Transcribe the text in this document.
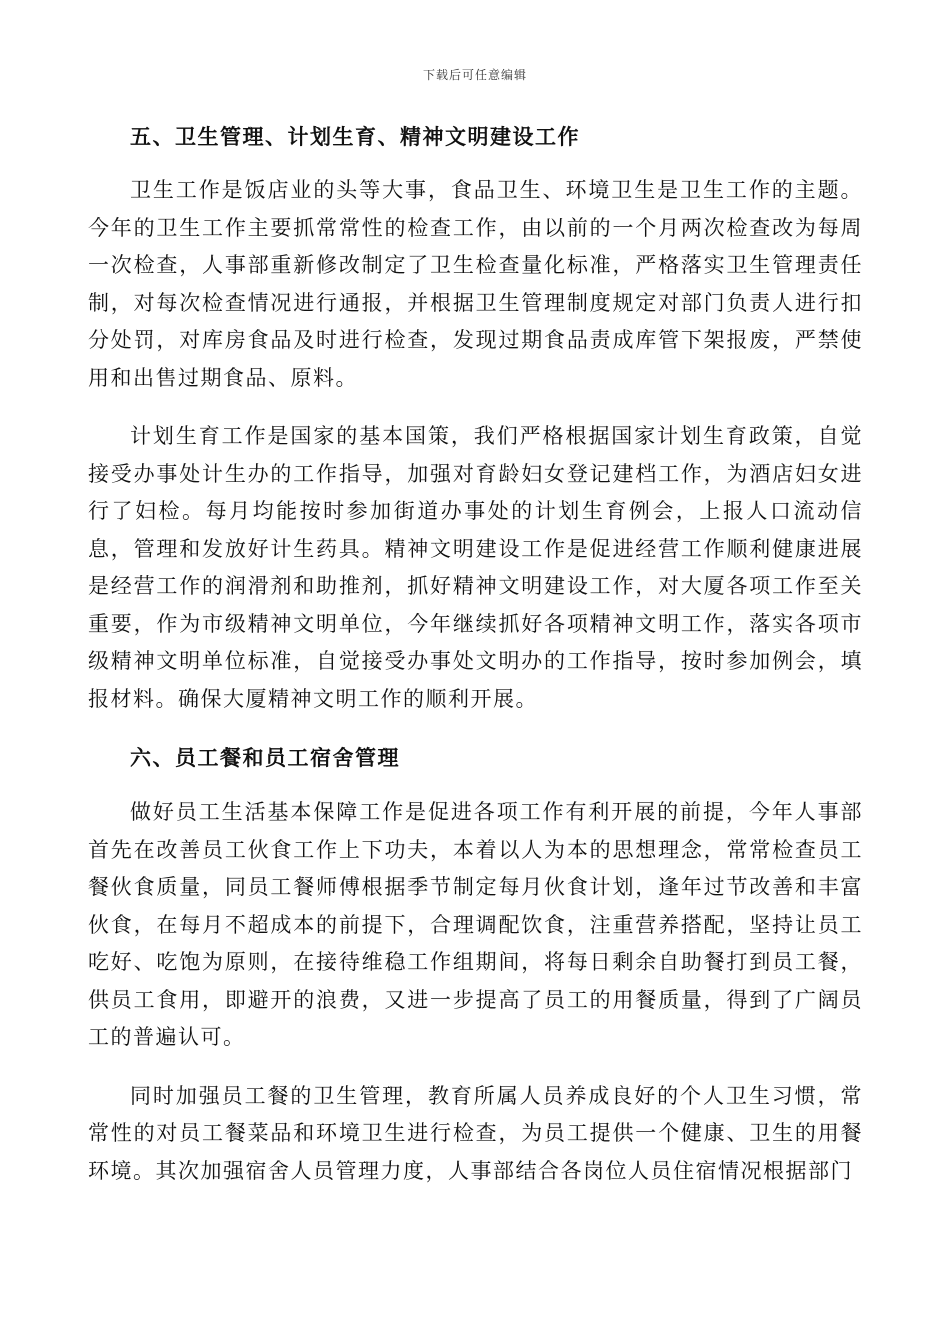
下载后可任意编辑
五、卫生管理、计划生育、精神文明建设工作

卫生工作是饭店业的头等大事，食品卫生、环境卫生是卫生工作的主题。今年的卫生工作主要抓常常性的检查工作，由以前的一个月两次检查改为每周一次检查，人事部重新修改制定了卫生检查量化标准，严格落实卫生管理责任制，对每次检查情况进行通报，并根据卫生管理制度规定对部门负责人进行扣分处罚，对库房食品及时进行检查，发现过期食品责成库管下架报废，严禁使用和出售过期食品、原料。

计划生育工作是国家的基本国策，我们严格根据国家计划生育政策，自觉接受办事处计生办的工作指导，加强对育龄妇女登记建档工作，为酒店妇女进行了妇检。每月均能按时参加街道办事处的计划生育例会，上报人口流动信息，管理和发放好计生药具。精神文明建设工作是促进经营工作顺利健康进展是经营工作的润滑剂和助推剂，抓好精神文明建设工作，对大厦各项工作至关重要，作为市级精神文明单位，今年继续抓好各项精神文明工作，落实各项市级精神文明单位标准，自觉接受办事处文明办的工作指导，按时参加例会，填报材料。确保大厦精神文明工作的顺利开展。

六、员工餐和员工宿舍管理

做好员工生活基本保障工作是促进各项工作有利开展的前提，今年人事部首先在改善员工伙食工作上下功夫，本着以人为本的思想理念，常常检查员工餐伙食质量，同员工餐师傅根据季节制定每月伙食计划，逢年过节改善和丰富伙食，在每月不超成本的前提下，合理调配饮食，注重营养搭配，坚持让员工吃好、吃饱为原则，在接待维稳工作组期间，将每日剩余自助餐打到员工餐，供员工食用，即避开的浪费，又进一步提高了员工的用餐质量，得到了广阔员工的普遍认可。

同时加强员工餐的卫生管理，教育所属人员养成良好的个人卫生习惯，常常性的对员工餐菜品和环境卫生进行检查，为员工提供一个健康、卫生的用餐环境。其次加强宿舍人员管理力度，人事部结合各岗位人员住宿情况根据部门
